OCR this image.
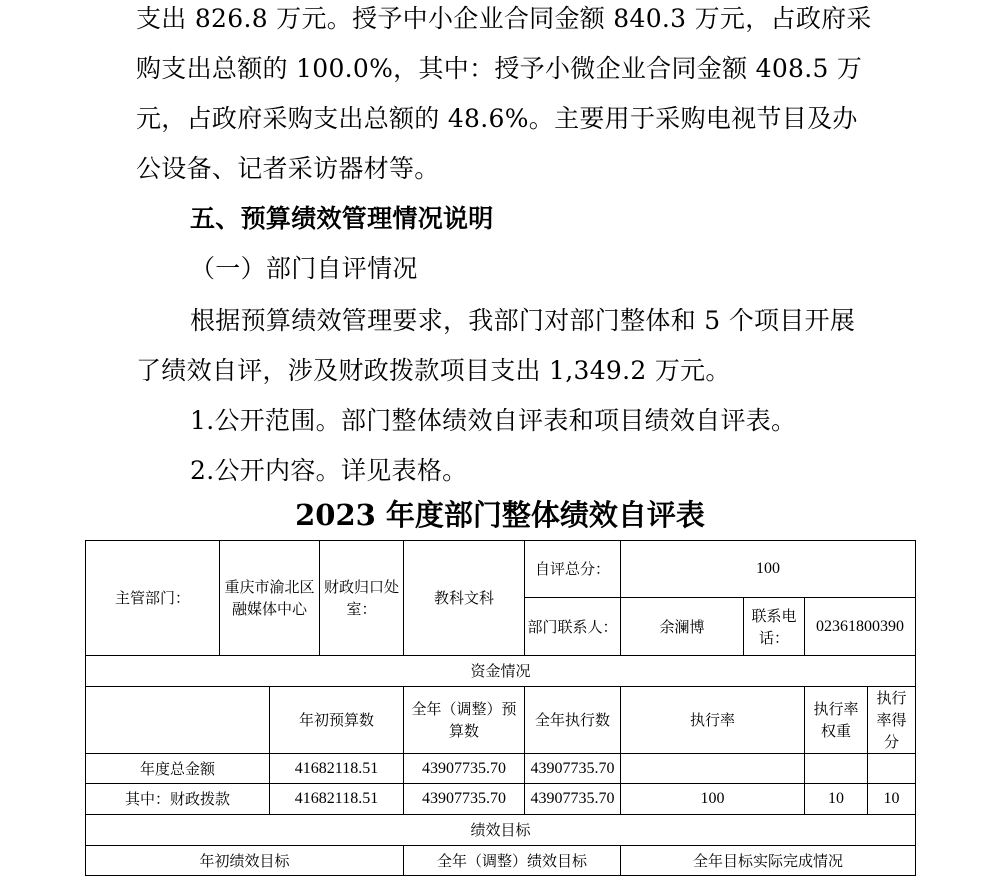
支出 826.8 万元。授予中小企业合同金额 840.3 万元，占政府采购支出总额的 100.0%，其中：授予小微企业合同金额 408.5 万元，占政府采购支出总额的 48.6%。主要用于采购电视节目及办公设备、记者采访器材等。
五、预算绩效管理情况说明
（一）部门自评情况
根据预算绩效管理要求，我部门对部门整体和 5 个项目开展了绩效自评，涉及财政拨款项目支出 1,349.2 万元。
1.公开范围。部门整体绩效自评表和项目绩效自评表。
2.公开内容。详见表格。
2023 年度部门整体绩效自评表
主管部门：	重庆市渝北区融媒体中心		财政归口处室：	教科文科	自评总分：	100			
					部门联系人：	余澜博	联系电话：	02361800390	
资金情况									
		年初预算数		全年（调整）预算数	全年执行数	执行率		执行率权重	执行率得分
年度总金额		41682118.51		43907735.70	43907735.70				
其中：财政拨款		41682118.51		43907735.70	43907735.70	100		10	10
绩效目标									
年初绩效目标				全年（调整）绩效目标		全年目标实际完成情况			
